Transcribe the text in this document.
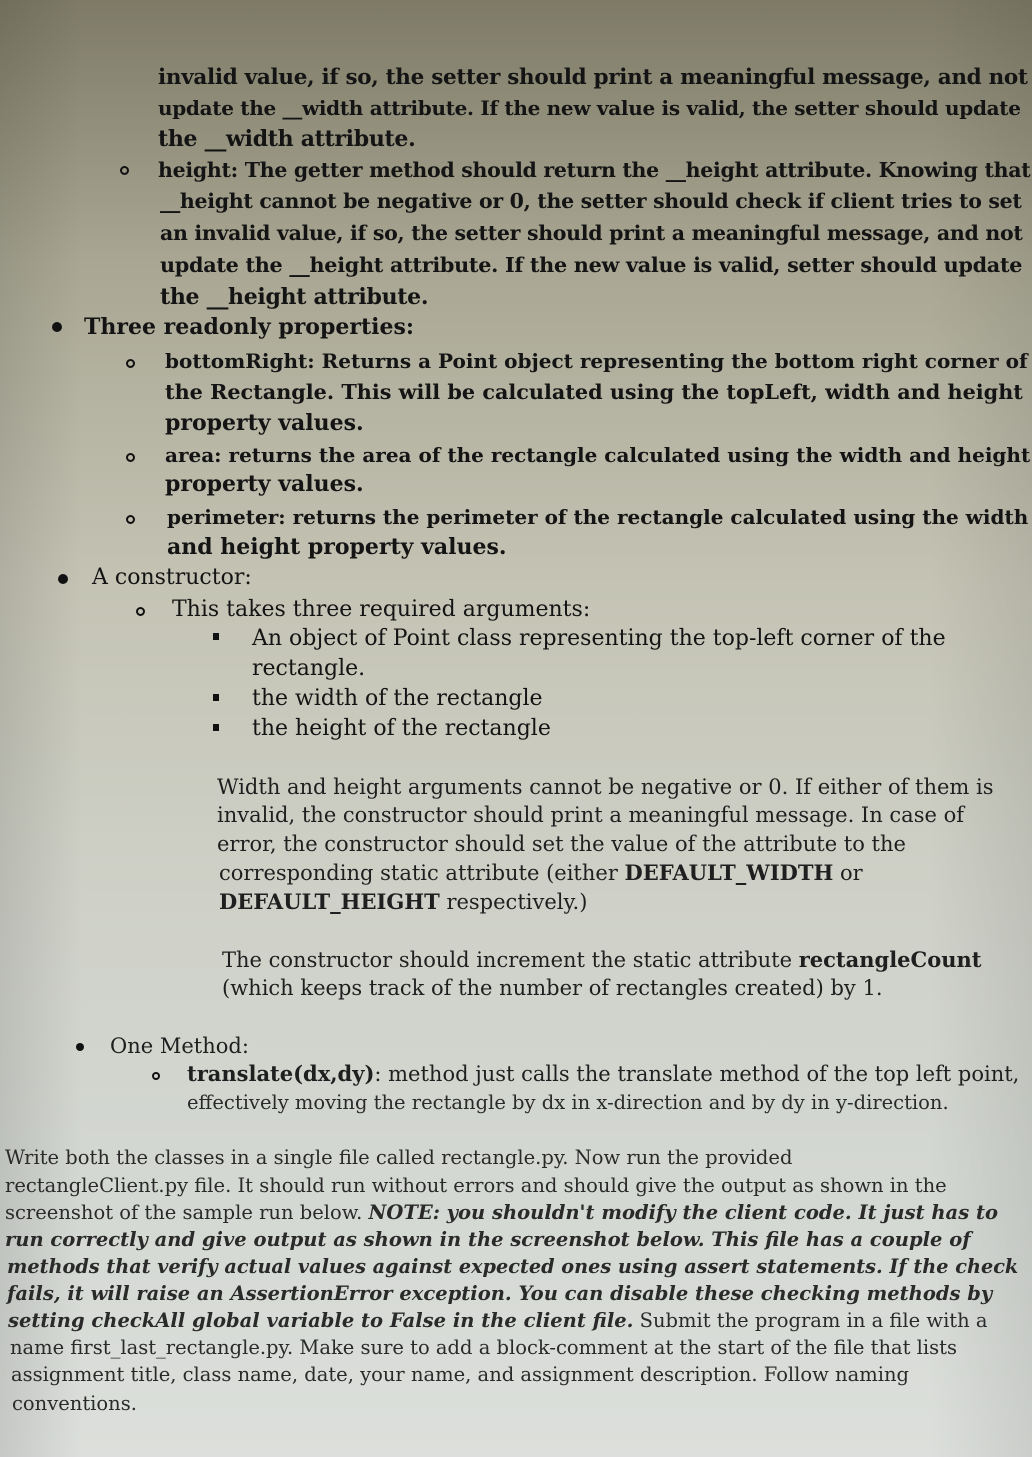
invalid value, if so, the setter should print a meaningful message, and not
update the __width attribute. If the new value is valid, the setter should update
the __width attribute.
height: The getter method should return the __height attribute. Knowing that
__height cannot be negative or 0, the setter should check if client tries to set
an invalid value, if so, the setter should print a meaningful message, and not
update the __height attribute. If the new value is valid, setter should update
the __height attribute.
Three readonly properties:
bottomRight: Returns a Point object representing the bottom right corner of
the Rectangle. This will be calculated using the topLeft, width and height
property values.
area: returns the area of the rectangle calculated using the width and height
property values.
perimeter: returns the perimeter of the rectangle calculated using the width
and height property values.
A constructor:
This takes three required arguments:
An object of Point class representing the top-left corner of the
rectangle.
the width of the rectangle
the height of the rectangle
Width and height arguments cannot be negative or 0. If either of them is
invalid, the constructor should print a meaningful message. In case of
error, the constructor should set the value of the attribute to the
corresponding static attribute (either DEFAULT_WIDTH or
DEFAULT_HEIGHT respectively.)
The constructor should increment the static attribute rectangleCount
(which keeps track of the number of rectangles created) by 1.
One Method:
translate(dx,dy): method just calls the translate method of the top left point,
effectively moving the rectangle by dx in x-direction and by dy in y-direction.
Write both the classes in a single file called rectangle.py. Now run the provided
rectangleClient.py file. It should run without errors and should give the output as shown in the
screenshot of the sample run below. NOTE: you shouldn't modify the client code. It just has to
run correctly and give output as shown in the screenshot below. This file has a couple of
methods that verify actual values against expected ones using assert statements. If the check
fails, it will raise an AssertionError exception. You can disable these checking methods by
setting checkAll global variable to False in the client file. Submit the program in a file with a
name first_last_rectangle.py. Make sure to add a block-comment at the start of the file that lists
assignment title, class name, date, your name, and assignment description. Follow naming
conventions.
